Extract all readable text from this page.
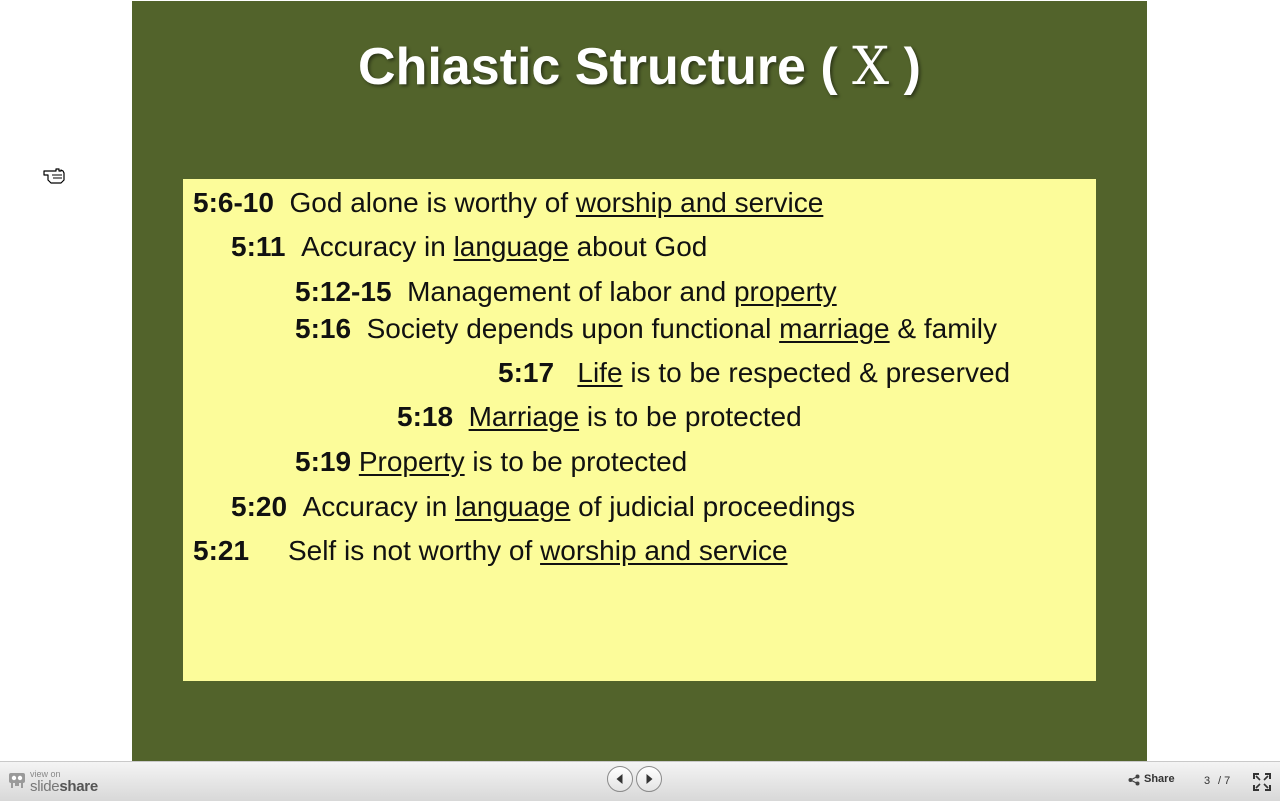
Chiastic Structure ( X )
5:6-10 God alone is worthy of worship and service
5:11 Accuracy in language about God
5:12-15 Management of labor and property
5:16 Society depends upon functional marriage & family
5:17 Life is to be respected & preserved
5:18 Marriage is to be protected
5:19 Property is to be protected
5:20 Accuracy in language of judicial proceedings
5:21 Self is not worthy of worship and service
view on
slideshare	Share	3 / 7
